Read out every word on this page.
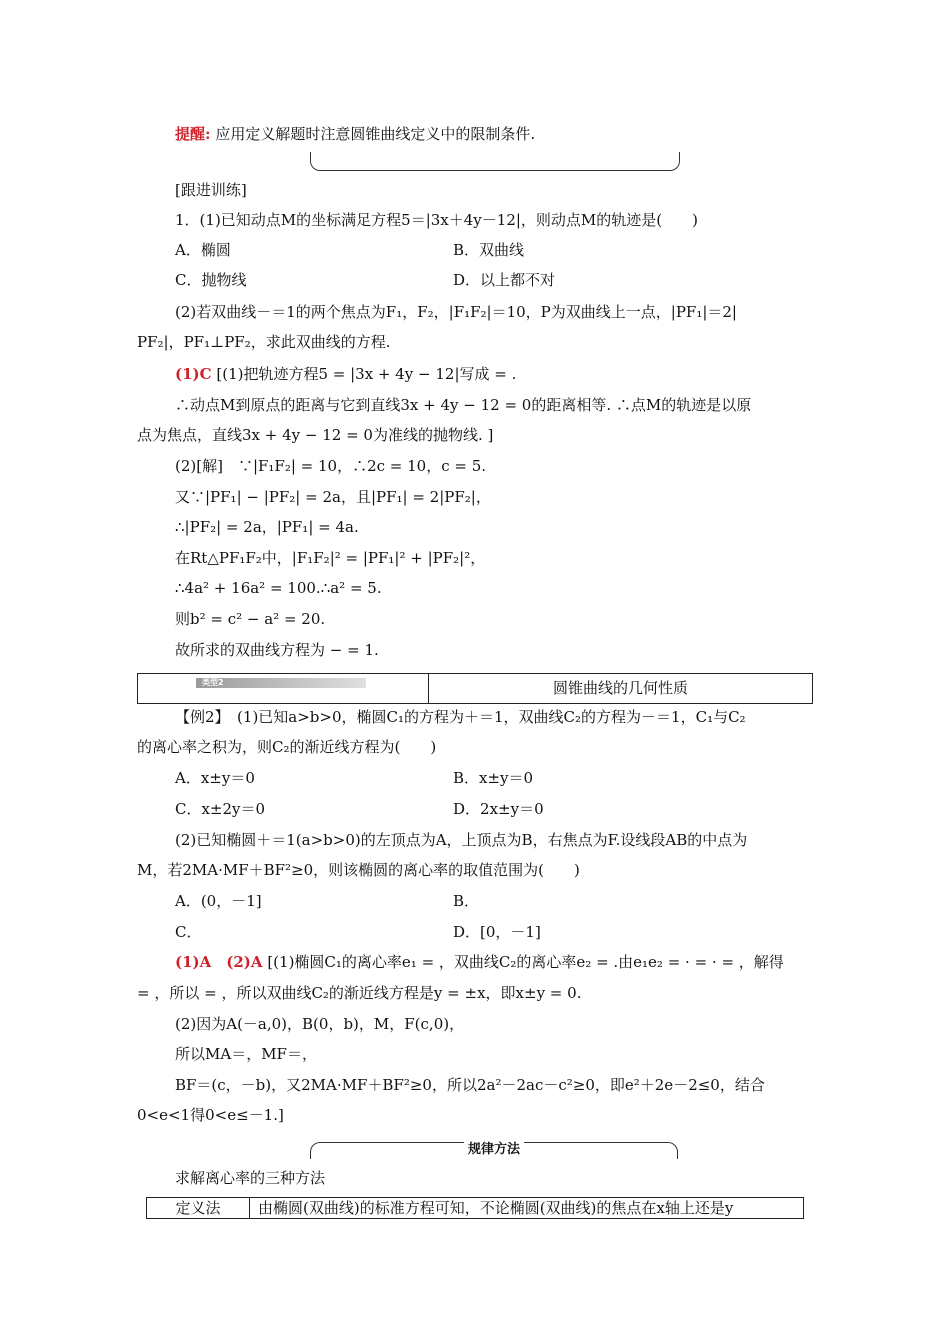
提醒: 应用定义解题时注意圆锥曲线定义中的限制条件.
[跟进训练]
1．(1)已知动点M的坐标满足方程5＝|3x＋4y－12|，则动点M的轨迹是(　　)
A．椭圆	B．双曲线
C．抛物线	D．以上都不对
(2)若双曲线－＝1的两个焦点为F₁，F₂，|F₁F₂|＝10，P为双曲线上一点，|PF₁|＝2|
PF₂|，PF₁⊥PF₂，求此双曲线的方程.
(1)C [(1)把轨迹方程5 = |3x + 4y − 12|写成 = .
∴动点M到原点的距离与它到直线3x + 4y − 12 = 0的距离相等. ∴点M的轨迹是以原
点为焦点，直线3x + 4y − 12 = 0为准线的抛物线. ]
(2)[解]　∵|F₁F₂| = 10，∴2c = 10，c = 5.
又∵|PF₁| − |PF₂| = 2a，且|PF₁| = 2|PF₂|，
∴|PF₂| = 2a，|PF₁| = 4a.
在Rt△PF₁F₂中，|F₁F₂|² = |PF₁|² + |PF₂|²，
∴4a² + 16a² = 100.∴a² = 5.
则b² = c² − a² = 20.
故所求的双曲线方程为 − = 1.
类型2	圆锥曲线的几何性质
【例2】　(1)已知a>b>0，椭圆C₁的方程为＋＝1，双曲线C₂的方程为－＝1，C₁与C₂
的离心率之积为，则C₂的渐近线方程为(　　)
A．x±y＝0	B．x±y＝0
C．x±2y＝0	D．2x±y＝0
(2)已知椭圆＋＝1(a>b>0)的左顶点为A，上顶点为B，右焦点为F.设线段AB的中点为
M，若2MA·MF＋BF²≥0，则该椭圆的离心率的取值范围为(　　)
A．(0，－1]	B．
C．	D．[0，－1]
(1)A　(2)A [(1)椭圆C₁的离心率e₁ = ，双曲线C₂的离心率e₂ = .由e₁e₂ = · = · = ，解得
= ，所以 = ，所以双曲线C₂的渐近线方程是y = ±x，即x±y = 0.
(2)因为A(－a,0)，B(0，b)，M，F(c,0)，
所以MA＝，MF＝，
BF＝(c，－b)，又2MA·MF＋BF²≥0，所以2a²－2ac－c²≥0，即e²＋2e－2≤0，结合
0<e<1得0<e≤－1.]
规律方法
求解离心率的三种方法
定义法	由椭圆(双曲线)的标准方程可知，不论椭圆(双曲线)的焦点在x轴上还是y
